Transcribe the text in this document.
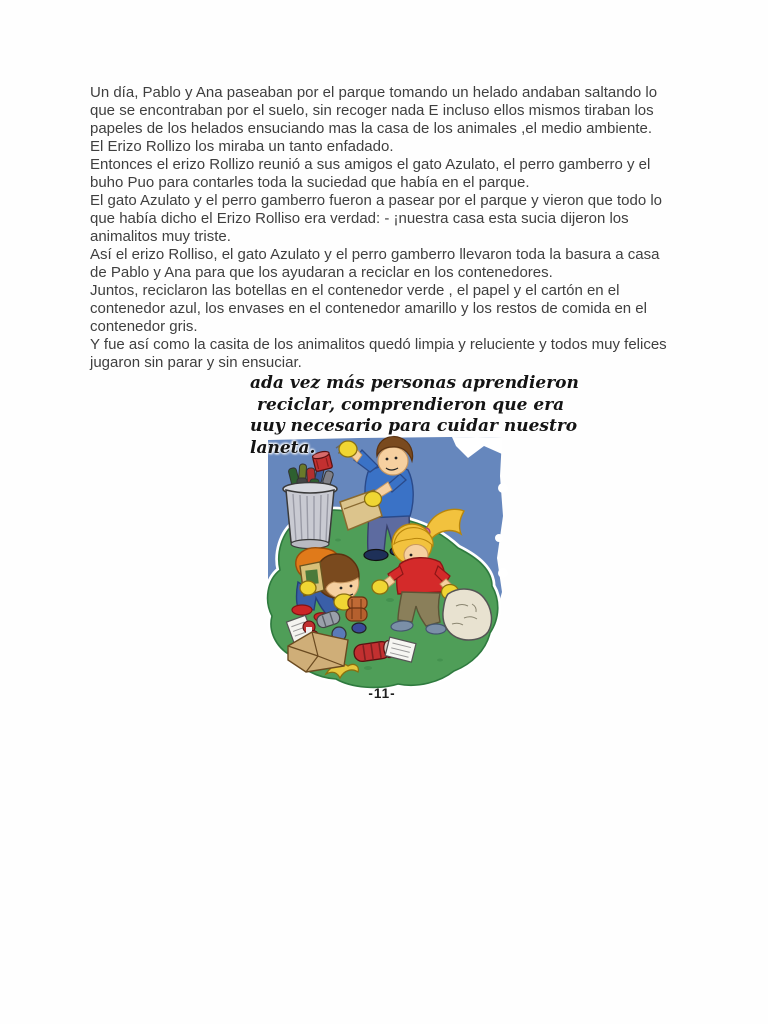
Un día, Pablo y Ana paseaban por el parque tomando un helado andaban saltando lo que se encontraban por el suelo, sin recoger nada E incluso ellos mismos tiraban los papeles de los helados ensuciando mas la casa de los animales ,el medio ambiente.

El Erizo Rollizo los miraba un tanto enfadado.

Entonces el erizo Rollizo reunió a sus amigos el gato Azulato, el perro gamberro y el buho Puo para contarles toda la suciedad que había en el parque.

El gato Azulato y el perro gamberro fueron a pasear por el parque y vieron que todo lo que había dicho el Erizo Rolliso era verdad: - ¡nuestra casa esta sucia dijeron los animalitos muy triste.

Así el erizo Rolliso, el gato Azulato y el perro gamberro llevaron toda la basura a casa de Pablo y Ana para que los ayudaran a reciclar en los contenedores.

Juntos, reciclaron las botellas en el contenedor verde , el papel y el cartón en el contenedor azul, los envases en el contenedor amarillo y los restos de comida en el contenedor gris.

Y fue así como la casita de los animalitos quedó limpia y reluciente y todos muy felices jugaron sin parar y sin ensuciar.

ada vez más personas aprendieron
reciclar, comprendieron que era
uuy necesario para cuidar nuestro
laneta.
-11-
